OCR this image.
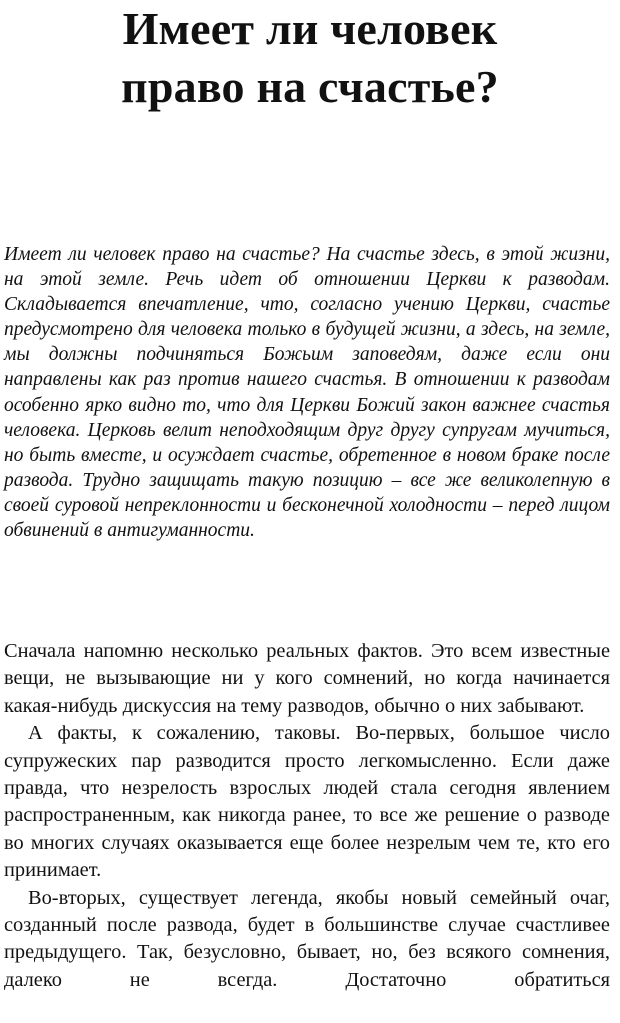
Имеет ли человек
право на счастье?

Имеет ли человек право на счастье? На счастье здесь, в этой жизни, на этой земле. Речь идет об отношении Церкви к разводам. Складывается впечатление, что, согласно учению Церкви, счастье предусмотрено для человека только в будущей жизни, а здесь, на земле, мы должны подчиняться Божьим заповедям, даже если они направлены как раз против нашего счастья. В отношении к разводам особенно ярко видно то, что для Церкви Божий закон важнее счастья человека. Церковь велит неподходящим друг другу супругам мучиться, но быть вместе, и осуждает счастье, обретенное в новом браке после развода. Трудно защищать такую позицию – все же великолепную в своей суровой непреклонности и бесконечной холодности – перед лицом обвинений в антигуманности.

Сначала напомню несколько реальных фактов. Это всем известные вещи, не вызывающие ни у кого сомнений, но когда начинается какая-нибудь дискуссия на тему разводов, обычно о них забывают.

А факты, к сожалению, таковы. Во-первых, большое число супружеских пар разводится просто легкомысленно. Если даже правда, что незрелость взрослых людей стала сегодня явлением распространенным, как никогда ранее, то все же решение о разводе во многих случаях оказывается еще более незрелым чем те, кто его принимает.

Во-вторых, существует легенда, якобы новый семейный очаг, созданный после развода, будет в большинстве случае счастливее предыдущего. Так, безусловно, бывает, но, без всякого сомнения, далеко не всегда. Достаточно обратиться
